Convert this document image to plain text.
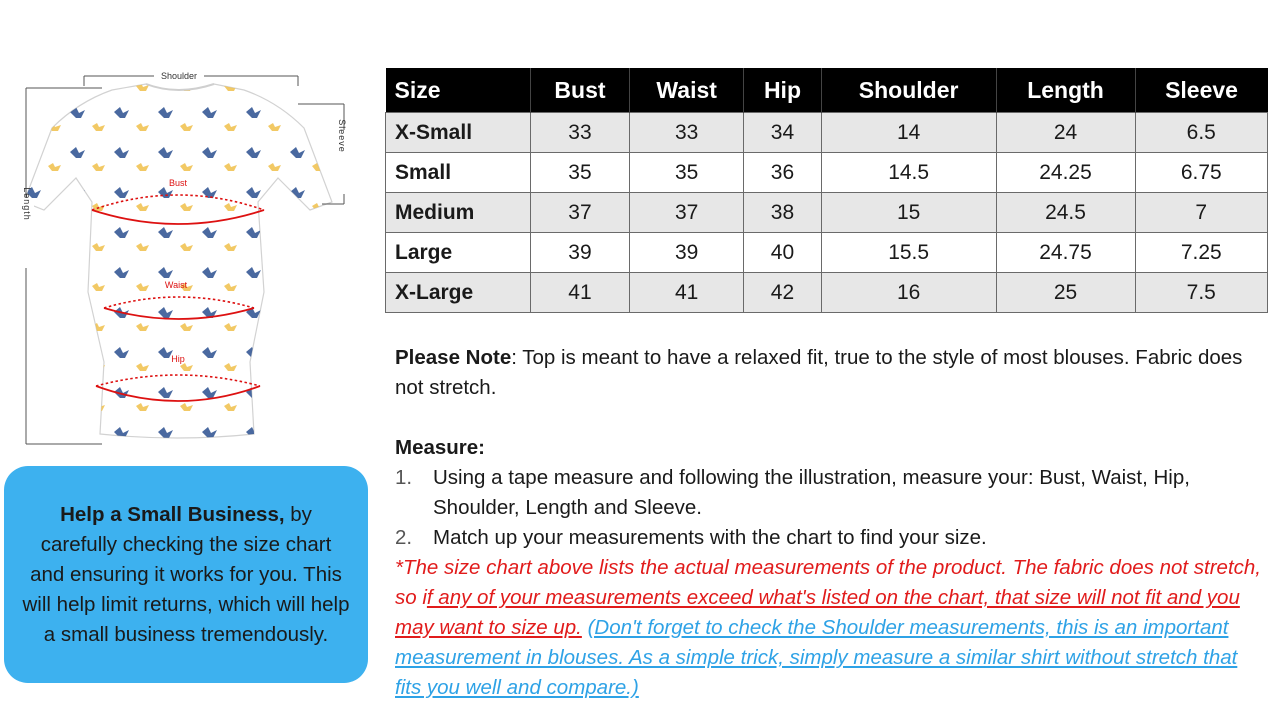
Shoulder
Sleeve
Length
Bust
Waist
Hip
Size	Bust	Waist	Hip	Shoulder	Length	Sleeve
X-Small	33	33	34	14	24	6.5
Small	35	35	36	14.5	24.25	6.75
Medium	37	37	38	15	24.5	7
Large	39	39	40	15.5	24.75	7.25
X-Large	41	41	42	16	25	7.5

Please Note: Top is meant to have a relaxed fit, true to the style of most blouses. Fabric does not stretch.

Measure:

1. Using a tape measure and following the illustration, measure your: Bust, Waist, Hip, Shoulder, Length and Sleeve.
2. Match up your measurements with the chart to find your size.

*The size chart above lists the actual measurements of the product. The fabric does not stretch, so if any of your measurements exceed what's listed on the chart, that size will not fit and you may want to size up. (Don't forget to check the Shoulder measurements, this is an important measurement in blouses. As a simple trick, simply measure a similar shirt without stretch that fits you well and compare.)

Help a Small Business, by carefully checking the size chart and ensuring it works for you. This will help limit returns, which will help a small business tremendously.
